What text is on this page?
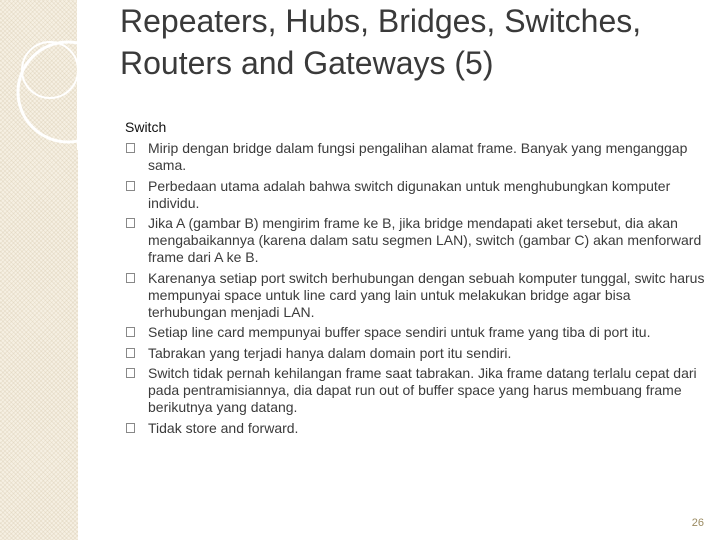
Repeaters, Hubs, Bridges, Switches, Routers and Gateways (5)
Switch
Mirip dengan bridge dalam fungsi pengalihan alamat frame. Banyak yang menganggap sama.
Perbedaan utama adalah bahwa switch digunakan untuk menghubungkan komputer individu.
Jika A (gambar B) mengirim frame ke B, jika bridge mendapati aket tersebut, dia akan mengabaikannya (karena dalam satu segmen LAN), switch (gambar C) akan menforward frame dari A ke B.
Karenanya setiap port switch berhubungan dengan sebuah komputer tunggal, switc harus mempunyai space untuk line card yang lain untuk melakukan bridge agar bisa terhubungan menjadi LAN.
Setiap line card mempunyai buffer space sendiri untuk frame yang tiba di port itu.
Tabrakan yang terjadi hanya dalam domain port itu sendiri.
Switch tidak pernah kehilangan frame saat tabrakan. Jika frame datang terlalu cepat dari pada pentramisiannya, dia dapat run out of buffer space yang harus membuang frame berikutnya yang datang.
Tidak store and forward.
26
